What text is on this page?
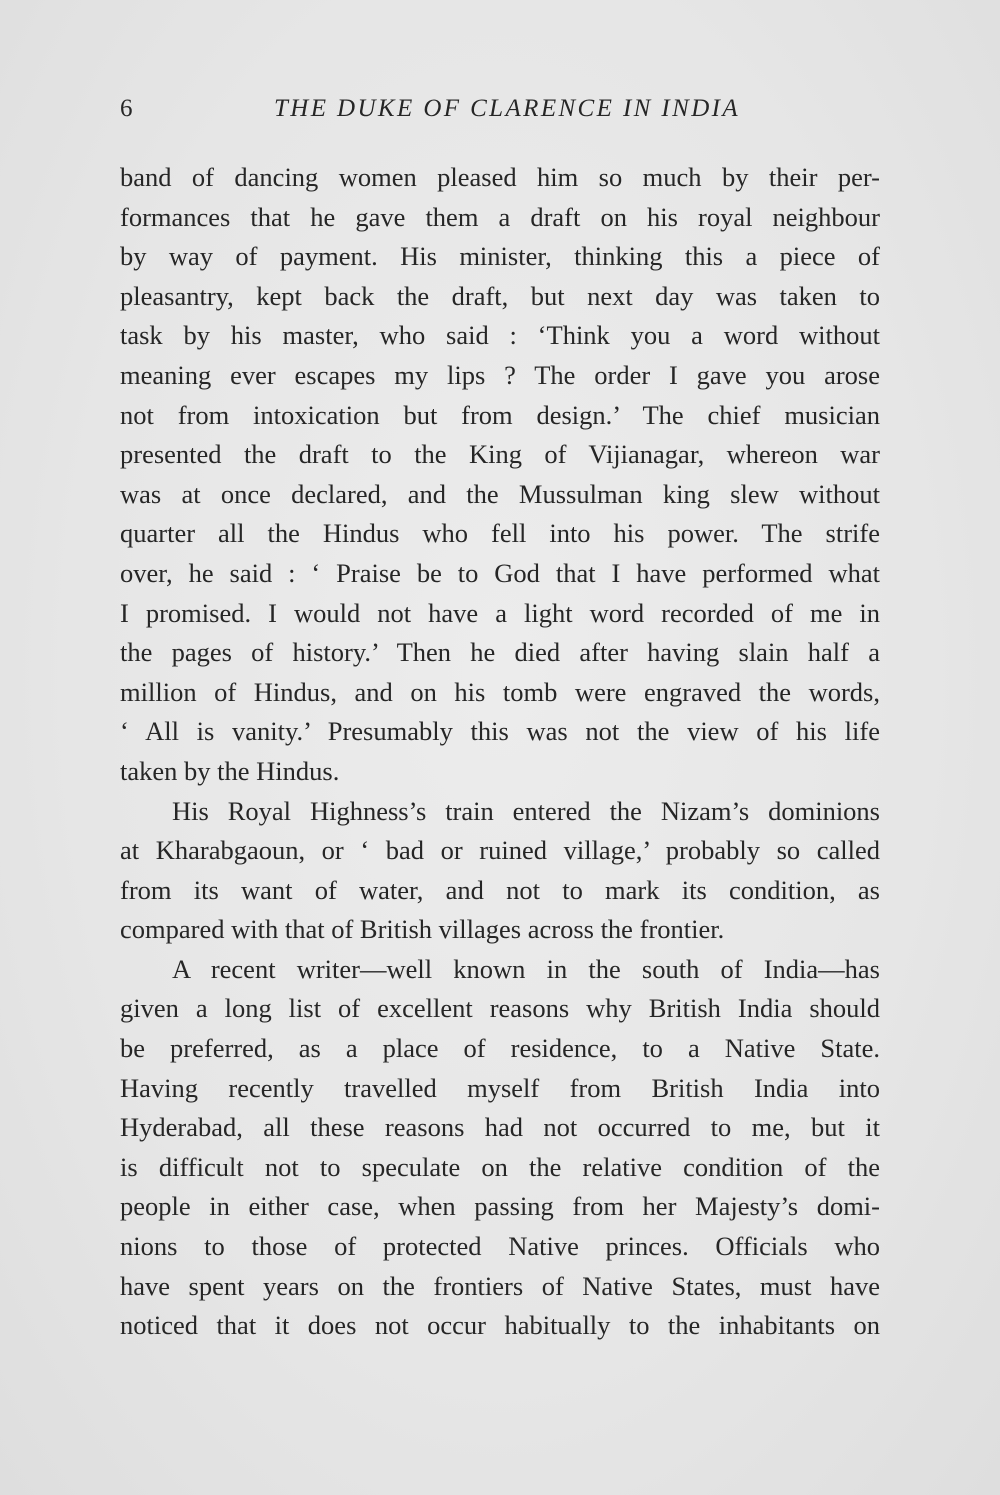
6	THE DUKE OF CLARENCE IN INDIA
band of dancing women pleased him so much by their per-
formances that he gave them a draft on his royal neighbour
by way of payment. His minister, thinking this a piece of
pleasantry, kept back the draft, but next day was taken to
task by his master, who said : ‘Think you a word without
meaning ever escapes my lips ? The order I gave you arose
not from intoxication but from design.’ The chief musician
presented the draft to the King of Vijianagar, whereon war
was at once declared, and the Mussulman king slew without
quarter all the Hindus who fell into his power. The strife
over, he said : ‘ Praise be to God that I have performed what
I promised. I would not have a light word recorded of me in
the pages of history.’ Then he died after having slain half a
million of Hindus, and on his tomb were engraved the words,
‘ All is vanity.’ Presumably this was not the view of his life
taken by the Hindus.
His Royal Highness’s train entered the Nizam’s dominions
at Kharabgaoun, or ‘ bad or ruined village,’ probably so called
from its want of water, and not to mark its condition, as
compared with that of British villages across the frontier.
A recent writer—well known in the south of India—has
given a long list of excellent reasons why British India should
be preferred, as a place of residence, to a Native State.
Having recently travelled myself from British India into
Hyderabad, all these reasons had not occurred to me, but it
is difficult not to speculate on the relative condition of the
people in either case, when passing from her Majesty’s domi-
nions to those of protected Native princes. Officials who
have spent years on the frontiers of Native States, must have
noticed that it does not occur habitually to the inhabitants on
